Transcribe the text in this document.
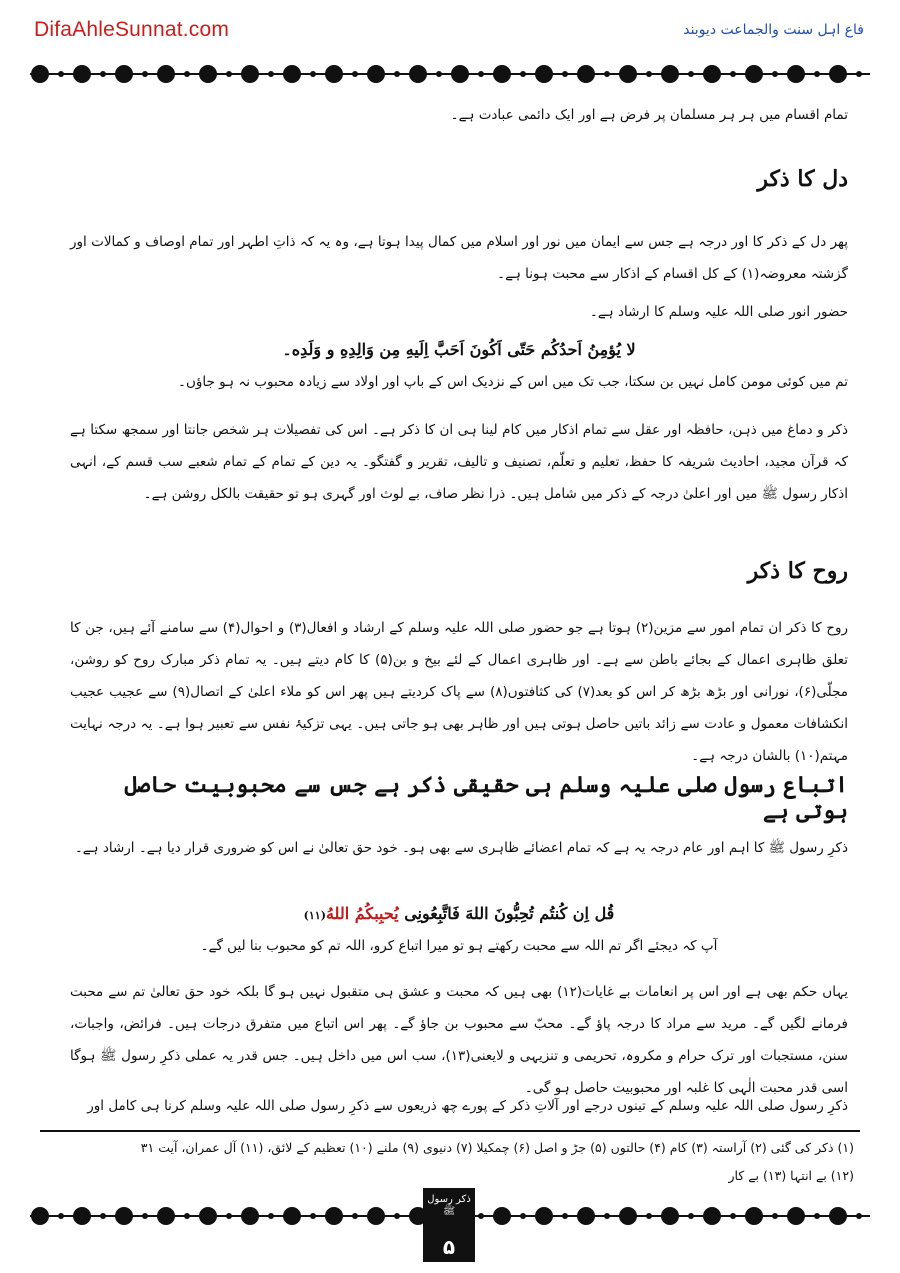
DifaAhleSunnat.com	فاع اہل سنت والجماعت دیوبند

تمام اقسام میں ہر ہر مسلمان پر فرض ہے اور ایک دائمی عبادت ہے۔

دل کا ذکر

پھر دل کے ذکر کا اور درجہ ہے جس سے ایمان میں نور اور اسلام میں کمال پیدا ہوتا ہے، وہ یہ کہ ذاتِ اطہر اور تمام اوصاف و کمالات اور گزشتہ معروضہ(۱) کے کل اقسام کے اذکار سے محبت ہونا ہے۔

حضور انور صلی اللہ علیہ وسلم کا ارشاد ہے۔

لا يُؤمِنُ اَحدُكُم حَتّى اَكُونَ اَحَبَّ اِلَيهِ مِن وَالِدِهِ و وَلَدِه۔

تم میں کوئی مومن کامل نہیں بن سکتا، جب تک میں اس کے نزدیک اس کے باپ اور اولاد سے زیادہ محبوب نہ ہو جاؤں۔

ذکر و دماغ میں ذہن، حافظہ اور عقل سے تمام اذکار میں کام لینا ہی ان کا ذکر ہے۔ اس کی تفصیلات ہر شخص جانتا اور سمجھ سکتا ہے کہ قرآن مجید، احادیث شریفہ کا حفظ، تعلیم و تعلّم، تصنیف و تالیف، تقریر و گفتگو۔ یہ دین کے تمام کے تمام شعبے سب قسم کے، انہی اذکار رسول ﷺ میں اور اعلیٰ درجہ کے ذکر میں شامل ہیں۔ ذرا نظر صاف، بے لوث اور گہری ہو تو حقیقت بالکل روشن ہے۔

روح کا ذکر

روح کا ذکر ان تمام امور سے مزین(۲) ہوتا ہے جو حضور صلی اللہ علیہ وسلم کے ارشاد و افعال(۳) و احوال(۴) سے سامنے آئے ہیں، جن کا تعلق ظاہری اعمال کے بجائے باطن سے ہے۔ اور ظاہری اعمال کے لئے بیخ و بن(۵) کا کام دیتے ہیں۔ یہ تمام ذکر مبارک روح کو روشن، مجلّی(۶)، نورانی اور بڑھ بڑھ کر اس کو بعد(۷) کی کثافتوں(۸) سے پاک کردیتے ہیں پھر اس کو ملاء اعلیٰ کے اتصال(۹) سے عجیب عجیب انکشافات معمول و عادت سے زائد باتیں حاصل ہوتی ہیں اور ظاہر بھی ہو جاتی ہیں۔ یہی تزکیۂ نفس سے تعبیر ہوا ہے۔ یہ درجہ نہایت مہتم(۱۰) بالشان درجہ ہے۔

اتباع رسول صلی علیہ وسلم ہی حقیقی ذکر ہے جس سے محبوبیت حاصل ہوتی ہے

ذکرِ رسول ﷺ کا اہم اور عام درجہ یہ ہے کہ تمام اعضائے ظاہری سے بھی ہو۔ خود حق تعالیٰ نے اس کو ضروری قرار دیا ہے۔ ارشاد ہے۔

قُل اِن كُنتُم تُحِبُّونَ اللهَ فَاتَّبِعُونِى يُحبِبكُمُ اللهُ(۱۱)

آپ کہ دیجئے اگر تم اللہ سے محبت رکھتے ہو تو میرا اتباع کرو، اللہ تم کو محبوب بنا لیں گے۔

یہاں حکم بھی ہے اور اس پر انعامات بے غایات(۱۲) بھی ہیں کہ محبت و عشق ہی متقبول نہیں ہو گا بلکہ خود حق تعالیٰ تم سے محبت فرمانے لگیں گے۔ مرید سے مراد کا درجہ پاؤ گے۔ محبّ سے محبوب بن جاؤ گے۔ پھر اس اتباع میں متفرق درجات ہیں۔ فرائض، واجبات، سنن، مستجبات اور ترک حرام و مکروہ، تحریمی و تنزیہی و لایعنی(۱۳)، سب اس میں داخل ہیں۔ جس قدر یہ عملی ذکرِ رسول ﷺ ہوگا اسی قدر محبت الٰہی کا غلبہ اور محبوبیت حاصل ہو گی۔

ذکرِ رسول صلی اللہ علیہ وسلم کے تینوں درجے اور آلاتِ ذکر کے پورے چھ ذریعوں سے ذکرِ رسول صلی اللہ علیہ وسلم کرنا ہی کامل اور

(۱) ذکر کی گئی (۲) آراستہ (۳) کام (۴) حالتوں (۵) جڑ و اصل (۶) چمکیلا (۷) دنیوی (۹) ملنے (۱۰) تعظیم کے لائق، (۱۱) آل عمران، آیت ۳۱
(۱۲) بے انتہا (۱۳) بے کار
ذکر رسول ﷺ
۵
